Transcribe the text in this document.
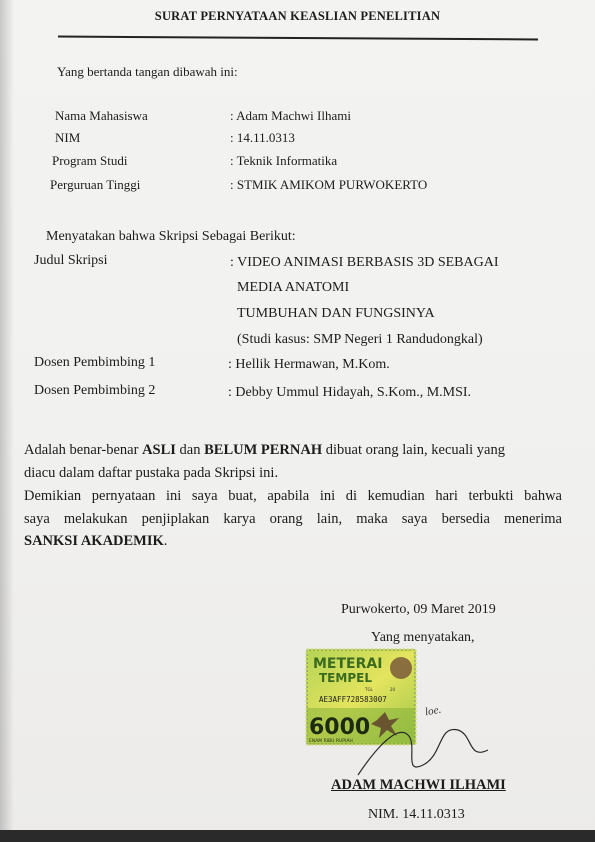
SURAT PERNYATAAN KEASLIAN PENELITIAN
Yang bertanda tangan dibawah ini:
Nama Mahasiswa	: Adam Machwi Ilhami
NIM	: 14.11.0313
Program Studi	: Teknik Informatika
Perguruan Tinggi	: STMIK AMIKOM PURWOKERTO
Menyatakan bahwa Skripsi Sebagai Berikut:
Judul Skripsi	: VIDEO ANIMASI BERBASIS 3D SEBAGAI
MEDIA ANATOMI
TUMBUHAN DAN FUNGSINYA
(Studi kasus: SMP Negeri 1 Randudongkal)
Dosen Pembimbing 1	: Hellik Hermawan, M.Kom.
Dosen Pembimbing 2	: Debby Ummul Hidayah, S.Kom., M.MSI.
Adalah benar-benar ASLI dan BELUM PERNAH dibuat orang lain, kecuali yang
diacu dalam daftar pustaka pada Skripsi ini.
Demikian pernyataan ini saya buat, apabila ini di kemudian hari terbukti bahwa
saya melakukan penjiplakan karya orang lain, maka saya bersedia menerima
SANKSI AKADEMIK.
Purwokerto, 09 Maret 2019
Yang menyatakan,
METERAI
TEMPEL
TGL	20
AE3AFF728583007
6000
ENAM RIBU RUPIAH
loe.
ADAM MACHWI ILHAMI
NIM. 14.11.0313
